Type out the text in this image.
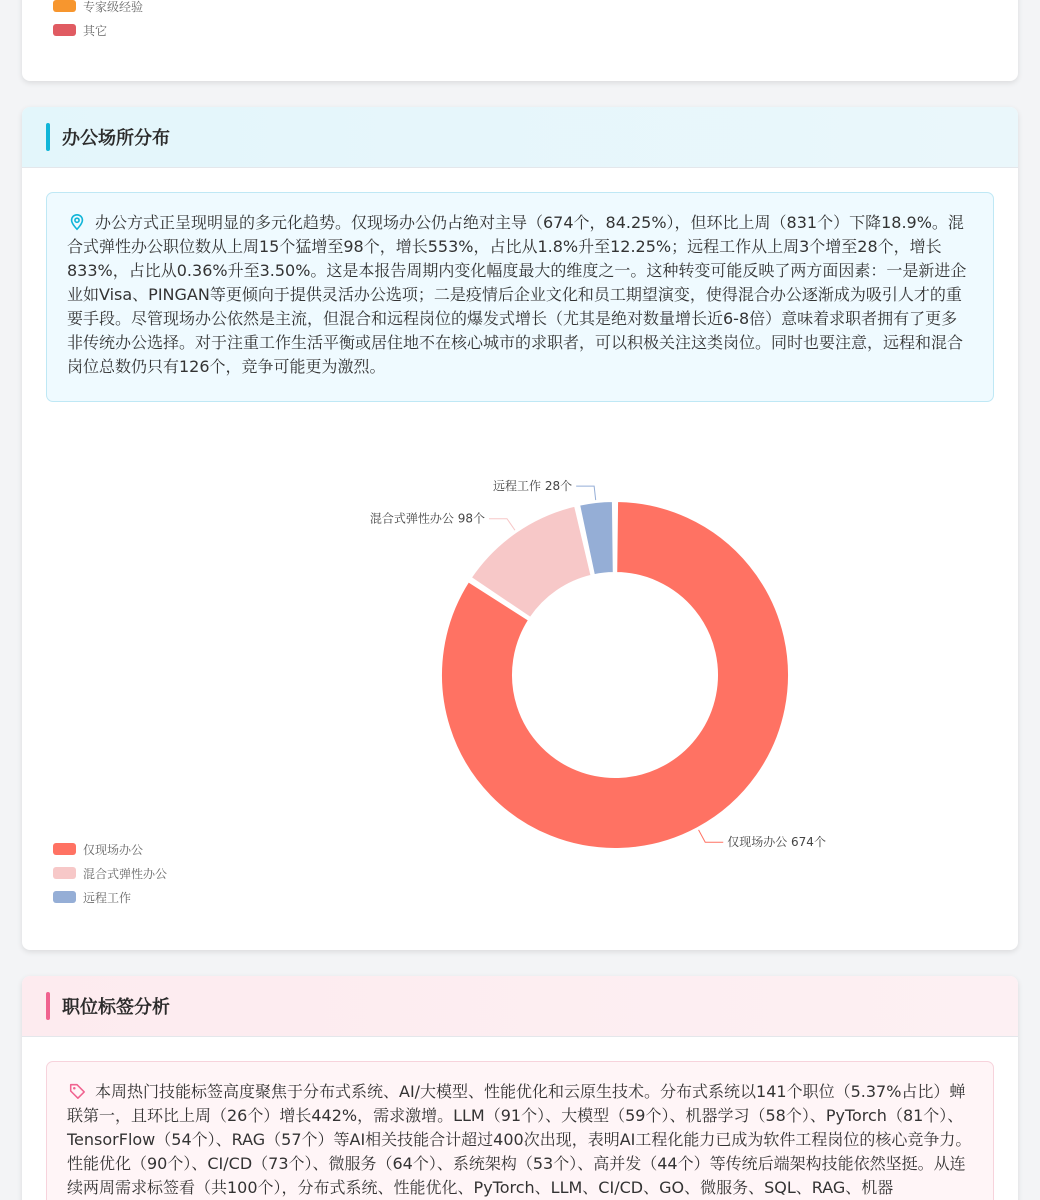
专家级经验
其它
办公场所分布
办公方式正呈现明显的多元化趋势。仅现场办公仍占绝对主导（674个，84.25%），但环比上周（831个）下降18.9%。混合式弹性办公职位数从上周15个猛增至98个，增长553%，占比从1.8%升至12.25%；远程工作从上周3个增至28个，增长833%，占比从0.36%升至3.50%。这是本报告周期内变化幅度最大的维度之一。这种转变可能反映了两方面因素：一是新进企业如Visa、PINGAN等更倾向于提供灵活办公选项；二是疫情后企业文化和员工期望演变，使得混合办公逐渐成为吸引人才的重要手段。尽管现场办公依然是主流，但混合和远程岗位的爆发式增长（尤其是绝对数量增长近6-8倍）意味着求职者拥有了更多非传统办公选择。对于注重工作生活平衡或居住地不在核心城市的求职者，可以积极关注这类岗位。同时也要注意，远程和混合岗位总数仍只有126个，竞争可能更为激烈。
仅现场办公 674个
混合式弹性办公 98个
远程工作 28个
仅现场办公
混合式弹性办公
远程工作
职位标签分析
本周热门技能标签高度聚焦于分布式系统、AI/大模型、性能优化和云原生技术。分布式系统以141个职位（5.37%占比）蝉联第一，且环比上周（26个）增长442%，需求激增。LLM（91个）、大模型（59个）、机器学习（58个）、PyTorch（81个）、TensorFlow（54个）、RAG（57个）等AI相关技能合计超过400次出现，表明AI工程化能力已成为软件工程岗位的核心竞争力。性能优化（90个）、CI/CD（73个）、微服务（64个）、系统架构（53个）、高并发（44个）等传统后端架构技能依然坚挺。从连续两周需求标签看（共100个），分布式系统、性能优化、PyTorch、LLM、CI/CD、GO、微服务、SQL、RAG、机器
